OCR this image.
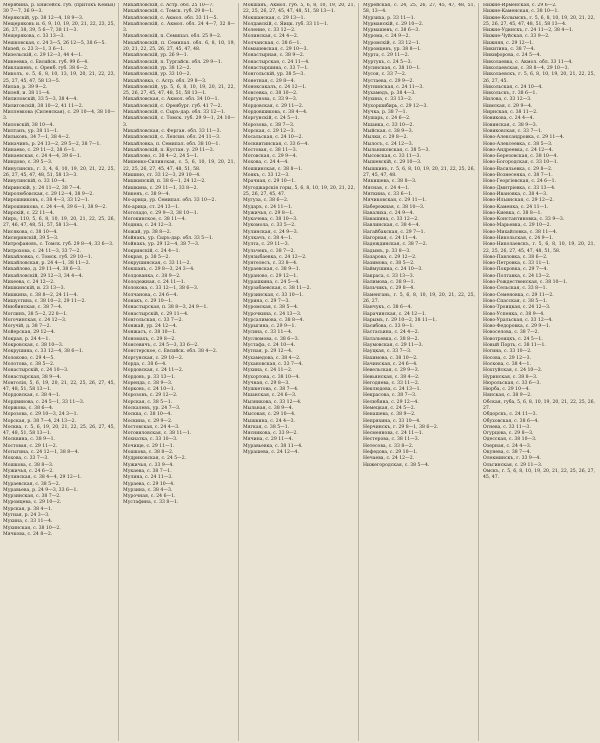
Мерябина, р. Енисейск. губ. (притокъ Кемьи) 30 7—7, 36 9—3.

Мерякскій, ур. 38 12—4, 18 9—3.

Мещеряковъ и. 6, 9, 10, 19, 20, 21, 22, 23, 25, 26, 27, 38, 39, 5 6—7, 38 11—3.

Мещерякова, с. 33 13—3.

Мешковская, с. 24 3—5, 26 12—5, 38 6—5.

Мизей, о. 23 3—1, 3 6—1.

Мизельскій, с. 29 12—3, 44 4—1.

Микеевка, с. Евсийск. губ. 99 6—4.

Миклашевъ, с. Оренб. губ. 38 6—2.

Миколъ, о. 5, 6, 8, 10, 13, 19, 20, 21, 22, 23, 25, 27, 45, 47, 58 13—5.

Милая, р. 39 9—2.

Милей, и. 38 11—4.

Милиловскій, 33 5—3, 38 4—4.

Милиговскій, 38 10—2, 41 11—2.

Миллевкова (Силенская), с. 29 10—4, 38 10—3.

Миловскій, 38 10—4.

Милтанъ, ур. 38 11—1.

Мильковъ, 34 7—1, 38 4—2.

Миначинъ, р. 24 13—2, 29 5—2, 38 7—1.

Минаево, с. 29 11—2, 38 6—1.

Минаевская, с. 24 4—4, 39 6—1.

Миндово, с. 39 5—3.

Минусинскъ, г. 3, 4, 6, 10, 19, 20, 21, 22, 25, 26, 27, 45, 47, 48, 51, 58 13—3.

Минусинскій, о. 33 10—4.

Миринскій, у. 24 11—2, 38 7—4.

Миролюбовская, с. 29 12—4, 38 9—2.

Мирошниковъ, с. 38 4—3, 33 12—1.

Мирошникова, с. 24 4—4, 39 6—1, 38 9—2.

Мирскій, с. 22 11—4.

Миръ, 110, 5, 6, 8, 10, 19, 20, 21, 22, 25, 26, 27, 46, 47, 48, 51, 57, 58 13—4.

Мисякова, с. 38 10—4.

Мисюринскій, 39 5—3.

Митрофановъ, с. Томск. губ. 29 8—4, 33 6—3.

Митрохова, с. 24 11—3, 33 7—2.

Михайловка, с. Томск. губ. 29 10—1.

Михайловская, р. 24 4—1, 38 11—2.

Михайлово, д. 29 11—4, 38 6—3.

Михайловскій, 29 12—3, 34 4—4.

Михеева, с. 24 12—2.

Мишкинскій, и. 23 13—3.

Мишкина, с. 38 8—2, 24 11—4.

Мишустина, с. 38 10—2, 29 11—2.

Мнюбинская, с. 38 7—4.

Моглинъ, 38 5—2, 22 8—1.

Могочинская, с. 24 12—3.

Могучій, д. 38 7—2.

Мойерская, 29 12—4.

Мокрая, р. 24 4—1.

Мокровская, с. 38 10—3.

Мокрушина, с. 33 12—4, 38 6—1.

Молоково, с. 29 4—5.

Молотова, с. 38 5—2.

Монастырскій, с. 24 10—3.

Монастырская, 38 9—4.

Монголія, 5, 6, 19, 20, 21, 22, 25, 26, 27, 45, 47, 48, 51, 58 13—1.

Мордовская, с. 38 4—1.

Мордвинова, с. 24 5—1, 33 11—3.

Моржова, с. 38 6—4.

Морозова, с. 29 10—3, 24 3—1.

Морская, р. 38 7—4, 24 13—2.

Москва, г. 5, 6, 19, 20, 21, 22, 25, 26, 27, 45, 47, 48, 51, 58 13—1.

Москвина, с. 38 9—1.

Мостовая, с. 29 11—2.

Мотыгина, с. 24 12—1, 38 8—4.

Мохова, с. 33 7—3.

Мошкова, с. 38 8—3.

Мужичья, с. 24 6—2.

Мулинская, с. 38 4—4, 29 12—1.

Мураевская, с. 38 5—2.

Муравьева, р. 24 9—3, 33 6—1.

Мурзинская, с. 38 7—2.

Муромцева, с. 29 10—2.

Мурская, р. 38 4—1.

Мутная, р. 24 3—3.

Мухина, с. 33 11—4.

Мухинская, с. 38 10—2.

Мячкова, с. 24 8—2.

Михайловскій, с. Астр. обл. 25 10—7.

Михайловскій, с. Томск. губ. 29 8—1.

Михайловскій, с. Акмол. обл. 33 11—5.

Михайловскій, с. Акмол. обл. 24 4—7, 32 8—3.

Михайловскій, п. Семипал. обл. 25 9—2.

Михайловскій, п. Семипал. обл. 6, 8, 10, 19, 20, 21, 22, 25, 26, 27, 45, 47, 48.

Михайловскій, ур. 26 9—1.

Михайловскій, п. Тургайск. обл. 29 9—1.

Михайловскій, ур. 38 12—2.

Михайловскій, ур. 33 10—2.

Михайловка, с. Астр. обл. 29 8—3.

Михайловскій, ур. 5, 6, 8, 10, 19, 20, 21, 22, 25, 26, 27, 45, 47, 48, 51, 58 13—1.

Михайловская, с. Акмол. обл. 34 10—1.

Михайловскій, с. Оренбург. губ. 41 7—2.

Михайловскій, с. Сыръ-дар. обл. 33 12—1.

Михайловскій, с. Томск. губ. 29 9—1, 24 10—3.

Михайловская, с. Ферган. обл. 33 11—3.

Михайловскій, с. Лепсин. обл. 24 11—3.

Михайловка, п. Семипал. обл. 38 10—1.

Михайловскій, п. Кустан. у. 29 11—3.

Михайлово, с. 38 4—2, 24 5—1.

Мишенко-Силинская, с. 5, 6, 10, 19, 20, 21, 22, 25, 26, 27, 45, 47, 48, 51, 58.

Мишино, ст. 33 12—3, 29 10—4.

Мишкинскій, п. 38 6—1, 24 12—2.

Мишкина, с. 29 11—1, 33 8—2.

Мнкенъ, с. 38 9—4.

Мо-арица, ур. Семипал. обл. 33 10—2.

Мо-арица, ст. 24 13—1.

Моголадо, с. 29 9—3, 38 10—1.

Могокинское, с. 38 11—4.

Модина, с. 24 12—3.

Можай, ур. 38 8—2.

Мойнакъ, ур. Сыръ-дар. обл. 33 5—1.

Мойнакъ, ур. 29 12—4, 38 7—3.

Мокринскій, с. 24 4—1.

Мокрая, р. 38 5—2.

Мокрушинская, с. 33 11—2.

Мокшанъ, с. 29 8—3, 24 3—4.

Молдованка, с. 38 9—2.

Молодежная, с. 24 11—1.

Молокова, с. 33 12—1, 38 6—3.

Молчанова, с. 24 6—4.

Монакъ, с. 29 10—1.

Монастырская, п. 38 8—3, 24 9—1.

Монастырскій, с. 29 11—4.

Монгольская, с. 33 7—2.

Монжай, ур. 24 12—4.

Монжасъ, с. 38 10—1.

Мономахъ, с. 29 8—2.

Монсевичъ, с. 24 5—3, 33 6—2.

Монстерское, с. Евсийск. обл. 38 4—2.

Моргунская, с. 29 10—2.

Морда, с. 38 6—4.

Мордовская, с. 24 11—2.

Мордовъ, р. 33 13—1.

Моренда, с. 38 9—3.

Морковъ, с. 24 10—1.

Морозовъ, с. 29 12—2.

Морская, с. 38 5—1.

Москалевъ, ур. 24 7—3.

Москва, с. 38 10—4.

Москина, с. 29 9—2.

Мостовская, с. 24 4—3.

Мотовиловская, с. 38 11—1.

Мохнатка, с. 33 10—3.

Мочище, с. 29 11—1.

Мошкова, с. 38 8—2.

Мудриковская, с. 24 5—2.

Мужичья, с. 33 9—4.

Мукаева, с. 38 7—1.

Мулина, с. 24 11—3.

Мураева, с. 29 10—4.

Мурзина, с. 38 4—3.

Мурочная, с. 24 6—1.

Мустафина, с. 33 8—1.

Мокшанъ, Акмол. губ. 5, 6, 8, 10, 19, 20, 21, 22, 25, 26, 27, 45, 47, 48, 51, 58 13—1.

Мокшанская, с. 29 13—1.

Молдавскій, с. Яицк. губ. 33 11—1.

Моление, с. 33 12—2.

Молинская, с. 24 4—2.

Молчанская, с. 38 6—1.

Момашевская, с. 29 10—3.

Монастырная, с. 38 9—2.

Монастырская, с. 24 11—4.

Монастыршина, с. 33 7—1.

Монгольскій, ур. 38 5—3.

Монетная, с. 29 8—4.

Моноксакалъ, с. 24 12—1.

Монсевка, с. 38 10—2.

Моргунова, с. 33 9—3.

Мордовская, с. 29 11—2.

Мордовшикова, с. 38 4—4.

Моргунскій, с. 24 5—1.

Морозова, с. 38 7—3.

Морская, с. 29 12—3.

Мосальская, с. 24 10—2.

Москвитинская, с. 33 6—4.

Мостовая, с. 38 11—3.

Мотовская, с. 29 9—4.

Мохова, с. 24 4—4.

Мошкинская, с. 38 8—1.

Моякъ, с. 33 12—3.

Мрачная, с. 29 10—1.

Мугоджарскія горы, 5, 6, 8, 10, 19, 20, 21, 22, 25, 26, 27, 45, 47.

Мугуза, с. 38 6—2.

Мударъ, с. 24 11—1.

Мужичья, с. 29 8—1.

Мукачева, с. 38 10—3.

Мукомола, с. 33 5—2.

Мулинская, с. 24 9—3.

Мулкачъ, с. 38 4—1.

Мулта, с. 29 11—3.

Мульчекъ, с. 38 7—2.

Мунзыбаевка, с. 24 12—2.

Мунтелесъ, с. 33 8—4.

Мураевская, с. 38 9—1.

Мураново, с. 29 12—1.

Мурашкина, с. 24 5—4.

Мурзабаевская, с. 38 11—2.

Мурзинская, с. 33 10—1.

Мурина, с. 29 7—3.

Муромская, с. 38 5—4.

Мурочкина, с. 24 13—3.

Мурсалимова, с. 38 8—4.

Мурыгина, с. 29 9—1.

Мусина, с. 33 11—4.

Муслюмова, с. 38 6—3.

Мустафа, с. 24 10—4.

Мутная, р. 29 12—4.

Мухамедова, с. 38 4—2.

Мухановская, с. 33 7—4.

Мухина, с. 24 11—2.

Мухортова, с. 38 10—4.

Мучная, с. 29 8—3.

Мушкетова, с. 38 7—4.

Мшанская, с. 24 6—3.

Мызникова, с. 33 12—4.

Мыльная, с. 38 9—4.

Мысовая, с. 29 10—4.

Мышкина, с. 24 4—3.

Мягкая, с. 38 5—1.

Мясникова, с. 33 9—2.

Мячина, с. 29 11—4.

Муравьевка, с. 38 11—4.

Мурашева, с. 24 12—4.

Мурейская, с. 24, 25, 26, 27, 45, 47, 48, 51, 58, 13—4.

Мурзиха, р. 33 11—1.

Мурманскій, с. 29 10—2.

Мурмашевъ, с. 38 6—3.

Мурома, с. 24 9—2.

Муромскій, с. 33 12—1.

Муромцевъ, ур. 38 8—1.

Мурта, с. 29 11—2.

Муртукъ, с. 24 5—3.

Мусинская, с. 38 10—1.

Мусоя, с. 33 7—2.

Мустаева, с. 29 9—2.

Мутнинская, с. 24 11—3.

Мухамедъ, р. 38 4—3.

Мухина, с. 33 13—2.

Мухоршибирь, с. 29 12—3.

Мучка, р. 38 7—1.

Мушарь, с. 24 6—2.

Мшанка, с. 33 10—2.

Мыйская, с. 38 9—3.

Мылки, с. 29 8—2.

Мылосъ, с. 24 12—3.

Мыльниковская, с. 38 5—3.

Мысовская, с. 33 11—3.

Мышевскій, с. 29 10—3.

Мышкинъ, г. 5, 6, 8, 10, 19, 20, 21, 22, 25, 26, 27, 45, 47, 48.

Мякишева, с. 38 8—3.

Мясная, с. 24 4—1.

Мяткина, с. 33 6—1.

Мячиковская, с. 29 11—1.

Набережная, с. 38 10—3.

Навалиха, с. 24 9—4.

Навашина, с. 33 12—2.

Навлинская, с. 38 4—4.

Нагайбакская, с. 29 7—1.

Нагорная, с. 24 11—4.

Надеждинская, с. 38 7—2.

Надымъ, р. 33 8—3.

Назарова, с. 29 12—2.

Назимова, с. 38 5—2.

Наймушина, с. 24 10—3.

Накраса, с. 33 13—3.

Налимова, с. 38 9—1.

Нальчикъ, с. 29 8—4.

Наменгань, г. 5, 6, 8, 10, 19, 20, 21, 22, 25, 26, 27.

Нанчукъ, с. 38 6—4.

Нарачинская, с. 24 12—1.

Нарымъ, г. 29 10—2, 38 11—1.

Насибова, с. 33 9—1.

Настасьина, с. 24 4—2.

Натальевка, с. 38 8—2.

Наумовская, с. 29 11—3.

Науцкая, с. 33 7—3.

Нахимова, с. 38 10—2.

Начинская, с. 24 6—4.

Невельская, с. 29 9—3.

Невьянская, с. 38 4—2.

Негодяева, с. 33 11—2.

Неклюдова, с. 24 13—1.

Некрасова, с. 38 7—3.

Нелюбина, с. 29 12—4.

Немецкая, с. 24 5—2.

Ненашева, с. 38 9—2.

Непряхина, с. 33 10—4.

Нерчинскъ, г. 29 8—1, 38 6—2.

Несмеянова, с. 24 11—1.

Нестерова, с. 38 11—3.

Нетесова, с. 33 8—2.

Нефедова, с. 29 10—1.

Нечаева, с. 24 12—2.

Нижегородская, с. 38 5—4.

Нижне-Ирменская, с. 29 6—2.

Нижне-Каменская, с. 38 10—1.

Нижне-Колымскъ, г. 5, 6, 8, 10, 19, 20, 21, 22, 25, 26, 27, 45, 47, 48, 51, 58 13—4.

Нижне-Удинскъ, г. 24 11—2, 38 4—1.

Нижне-Чуйская, с. 33 9—2.

Нижняя, с. 29 12—1.

Никитина, с. 38 7—4.

Никифорова, с. 24 5—4.

Николаевка, с. Акмол. обл. 33 11—4.

Николаевская, с. 38 8—4, 29 10—3.

Николаевскъ, г. 5, 6, 8, 10, 19, 20, 21, 22, 25, 26, 27, 45.

Никольская, с. 24 10—4.

Никольскъ, г. 38 6—1.

Нилова, с. 33 12—3.

Нимская, с. 29 9—4.

Нирнская, с. 38 11—2.

Новикова, с. 24 4—4.

Новинская, с. 38 9—3.

Новиковская, с. 33 7—1.

Ново-Александровка, с. 29 11—4.

Ново-Алексеевка, с. 38 5—3.

Ново-Андреевка, с. 24 12—4.

Ново-Березовская, с. 38 10—4.

Ново-Богородская, с. 33 10—1.

Ново-Васильевка, с. 29 8—2.

Ново-Вознесенка, с. 38 7—1.

Ново-Георгіевская, с. 24 6—1.

Ново-Дмитріевка, с. 33 13—4.

Ново-Ивановка, с. 38 4—3.

Ново-Ильинская, с. 29 12—2.

Ново-Каменка, с. 24 11—1.

Ново-Киевка, с. 38 8—1.

Ново-Константиновка, с. 33 9—3.

Ново-Марьевка, с. 29 10—2.

Ново-Михайловка, с. 38 11—4.

Ново-Никольская, с. 24 9—1.

Ново-Николаевскъ, г. 5, 6, 8, 10, 19, 20, 21, 22, 25, 26, 27, 45, 47, 48, 51, 58.

Ново-Павловка, с. 38 6—2.

Ново-Петровка, с. 33 11—1.

Ново-Покровка, с. 29 7—4.

Ново-Полтавка, с. 24 13—2.

Ново-Рождественская, с. 38 10—1.

Ново-Сельская, с. 33 8—1.

Ново-Семеновка, с. 29 11—2.

Ново-Спасская, с. 38 5—1.

Ново-Троицкая, с. 24 12—3.

Ново-Успенка, с. 38 9—4.

Ново-Уральская, с. 33 12—4.

Ново-Федоровка, с. 29 9—1.

Новоселова, с. 38 7—2.

Новотроицкъ, с. 24 5—1.

Новый Порть, с. 38 11—1.

Ногина, с. 33 10—2.

Носова, с. 29 12—3.

Носкова, с. 38 4—1.

Нохтуйская, с. 24 10—2.

Нуринская, с. 38 8—3.

Нюрольская, с. 33 6—3.

Нюрба, с. 29 10—4.

Нянская, с. 38 9—2.

Обская, губа, 5, 6, 8, 10, 19, 20, 21, 22, 25, 26, 27.

Обдорскъ, с. 24 11—3.

Обуховская, с. 38 6—4.

Огнева, с. 33 11—3.

Огурцова, с. 29 8—3.

Одесская, с. 38 10—3.

Озерная, с. 24 4—3.

Окунева, с. 38 7—4.

Олекминскъ, г. 33 9—4.

Ольгинская, с. 29 11—3.

Омскъ, г. 5, 6, 8, 10, 19, 20, 21, 22, 25, 26, 27, 45, 47.
